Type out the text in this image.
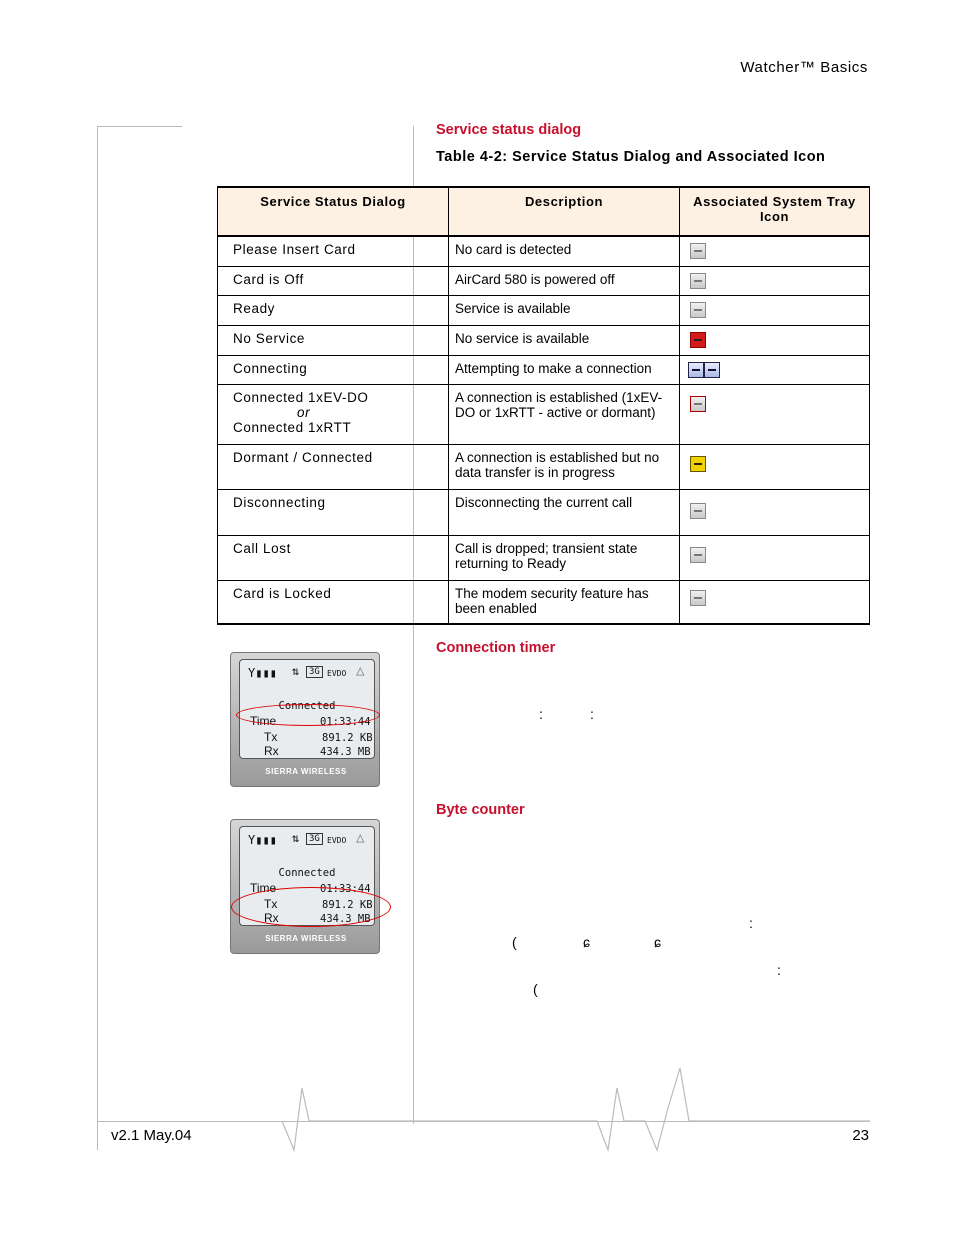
Watcher™ Basics
Service status dialog
Table 4-2: Service Status Dialog and Associated Icon
Service Status Dialog	Description	Associated System Tray Icon
Please Insert Card	No card is detected	
Card is Off	AirCard 580 is powered off	
Ready	Service is available	
No Service	No service is available	
Connecting	Attempting to make a connection	
Connected 1xEV-DO
or
Connected 1xRTT	A connection is established (1xEV-DO or 1xRTT - active or dormant)	
Dormant / Connected	A connection is established but no data transfer is in progress	
Disconnecting	Disconnecting the current call	
Call Lost	Call is dropped; transient state returning to Ready	
Card is Locked	The modem security feature has been enabled	
Y▮▮▮ ⇅	3G EVDO △
Connected
Time	01:33:44
Tx	891.2 KB
Rx	434.3 MB
SIERRA WIRELESS
Connection timer
:	:
Y▮▮▮ ⇅	3G EVDO △
Connected
Time	01:33:44
Tx	891.2 KB
Rx	434.3 MB
SIERRA WIRELESS
Byte counter
:
(	ɕ	ɕ
:
(
v2.1 May.04	23
